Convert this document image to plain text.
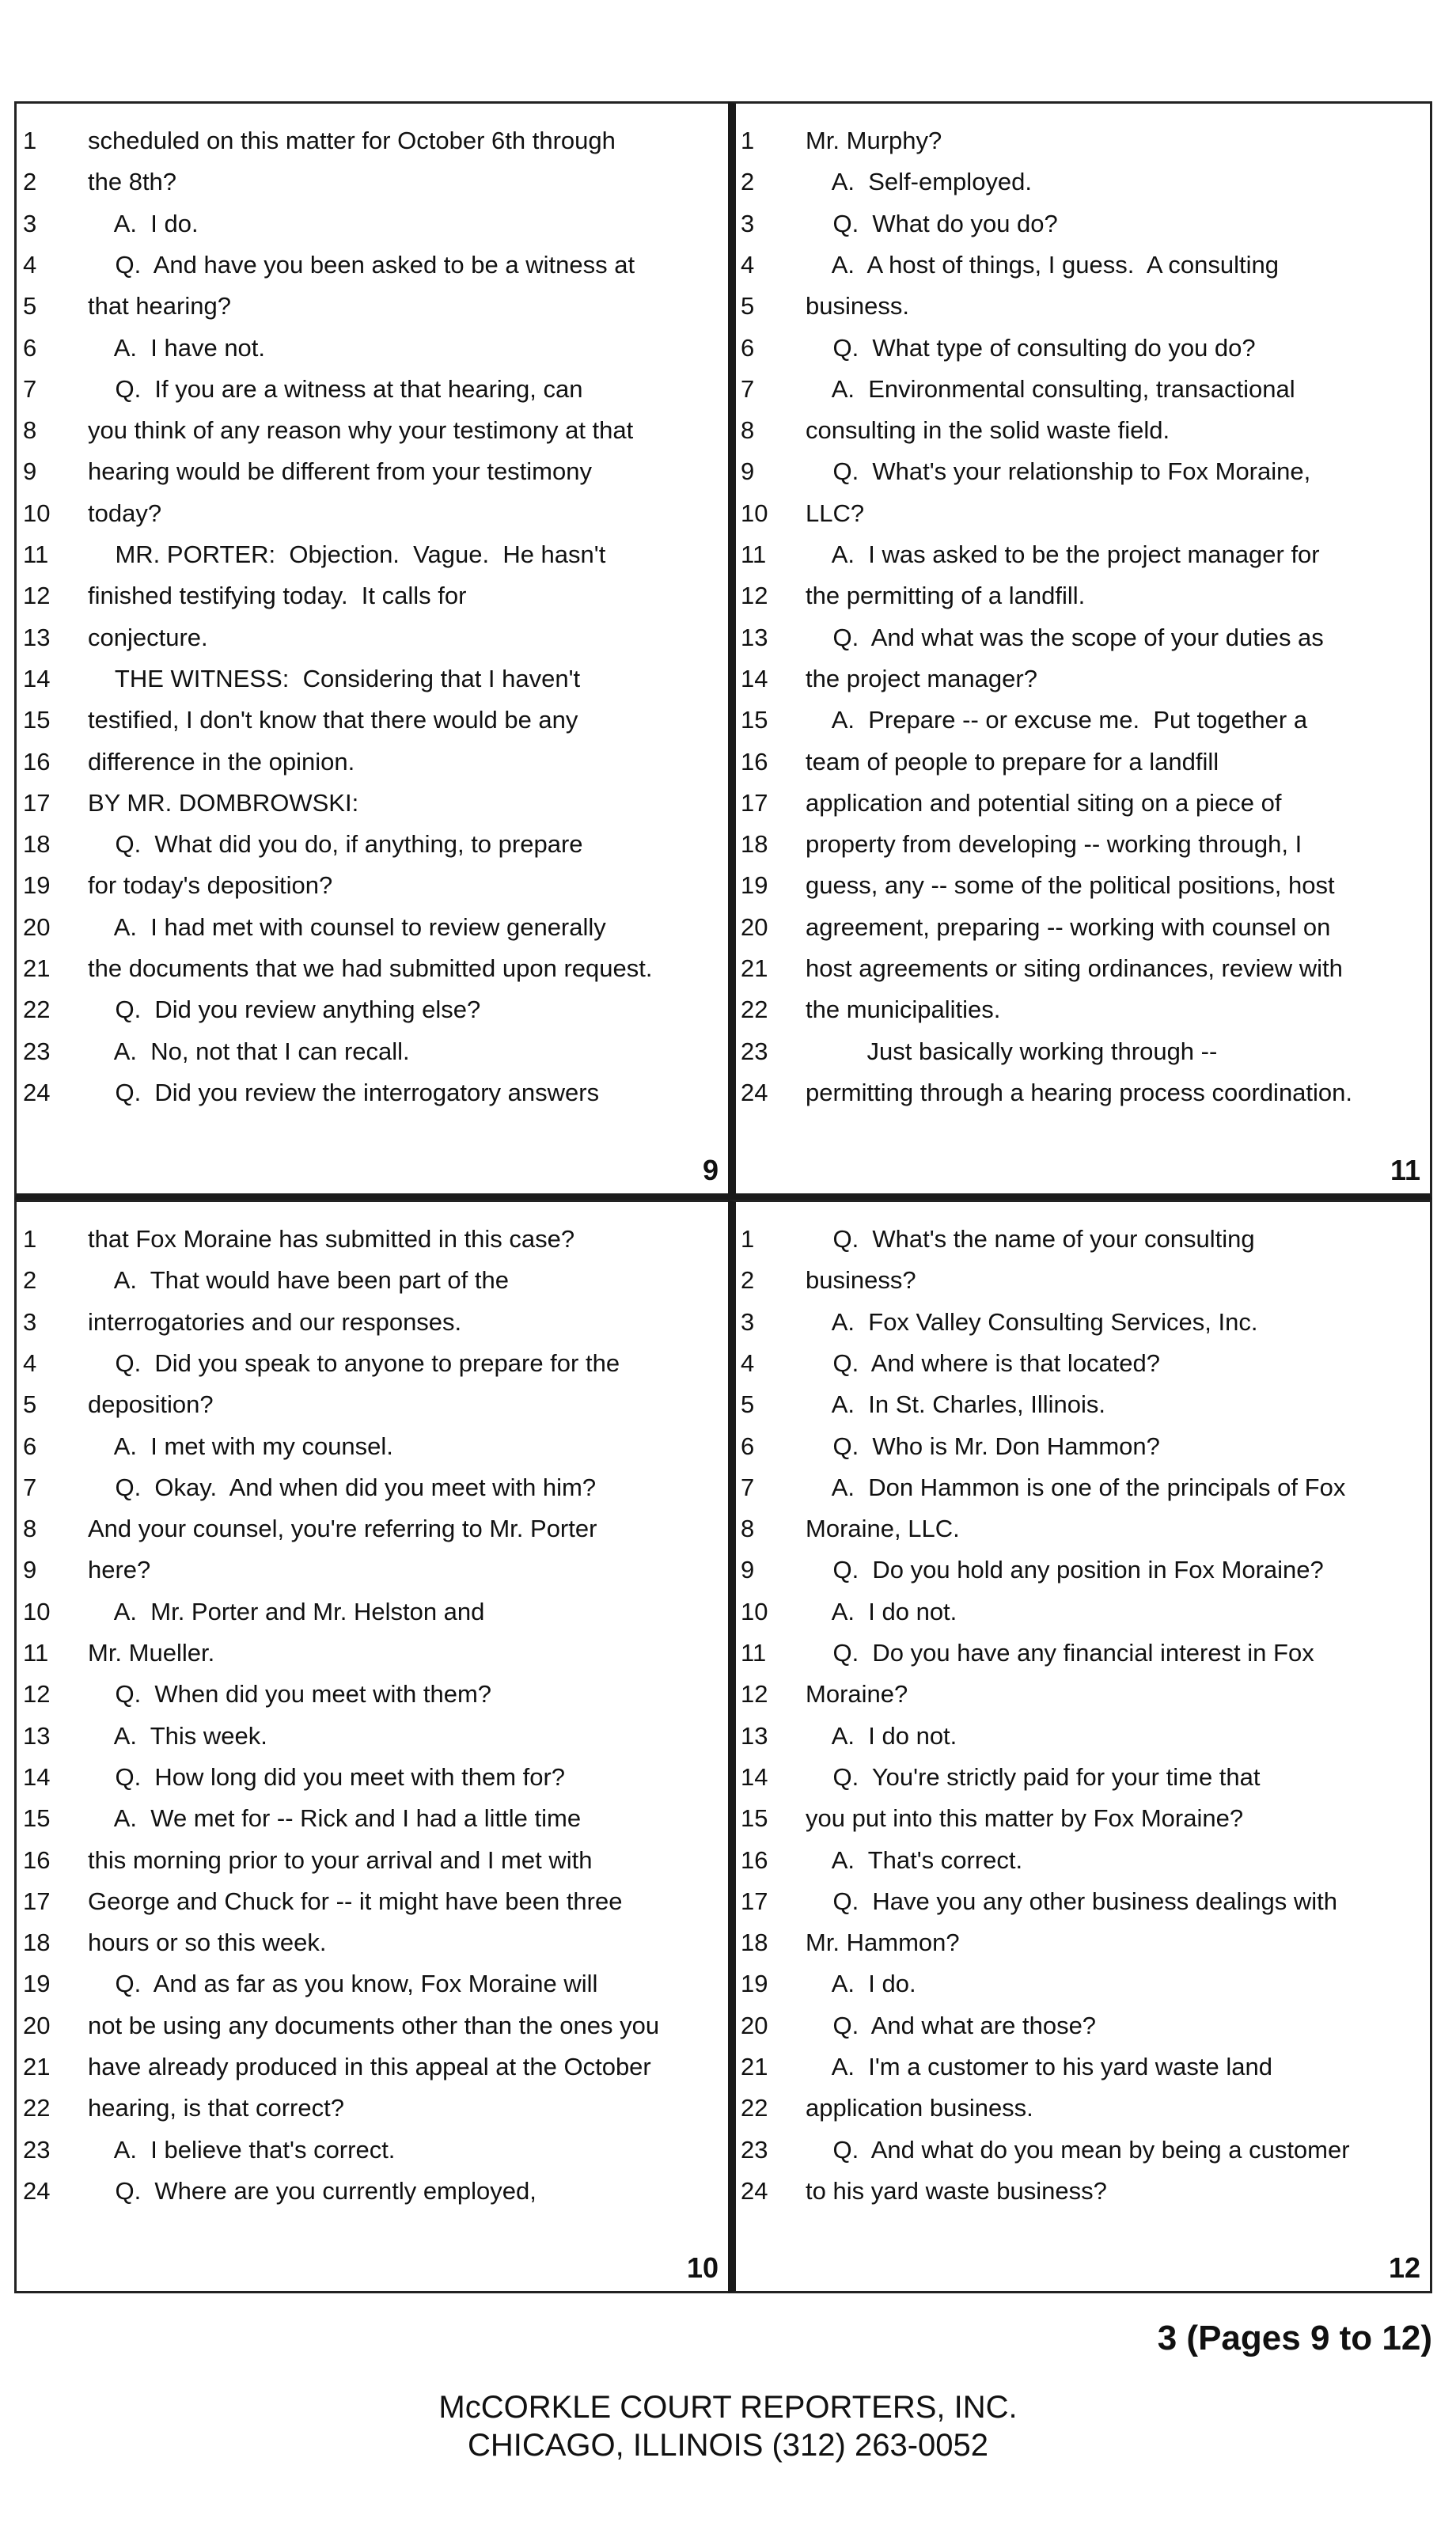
1	scheduled on this matter for October 6th through
2	the 8th?
3	A.  I do.
4	Q.  And have you been asked to be a witness at
5	that hearing?
6	A.  I have not.
7	Q.  If you are a witness at that hearing, can
8	you think of any reason why your testimony at that
9	hearing would be different from your testimony
10	today?
11	MR. PORTER:  Objection.  Vague.  He hasn't
12	finished testifying today.  It calls for
13	conjecture.
14	THE WITNESS:  Considering that I haven't
15	testified, I don't know that there would be any
16	difference in the opinion.
17	BY MR. DOMBROWSKI:
18	Q.  What did you do, if anything, to prepare
19	for today's deposition?
20	A.  I had met with counsel to review generally
21	the documents that we had submitted upon request.
22	Q.  Did you review anything else?
23	A.  No, not that I can recall.
24	Q.  Did you review the interrogatory answers
9
1	Mr. Murphy?
2	A.  Self-employed.
3	Q.  What do you do?
4	A.  A host of things, I guess.  A consulting
5	business.
6	Q.  What type of consulting do you do?
7	A.  Environmental consulting, transactional
8	consulting in the solid waste field.
9	Q.  What's your relationship to Fox Moraine,
10	LLC?
11	A.  I was asked to be the project manager for
12	the permitting of a landfill.
13	Q.  And what was the scope of your duties as
14	the project manager?
15	A.  Prepare -- or excuse me.  Put together a
16	team of people to prepare for a landfill
17	application and potential siting on a piece of
18	property from developing -- working through, I
19	guess, any -- some of the political positions, host
20	agreement, preparing -- working with counsel on
21	host agreements or siting ordinances, review with
22	the municipalities.
23	Just basically working through --
24	permitting through a hearing process coordination.
11
1	that Fox Moraine has submitted in this case?
2	A.  That would have been part of the
3	interrogatories and our responses.
4	Q.  Did you speak to anyone to prepare for the
5	deposition?
6	A.  I met with my counsel.
7	Q.  Okay.  And when did you meet with him?
8	And your counsel, you're referring to Mr. Porter
9	here?
10	A.  Mr. Porter and Mr. Helston and
11	Mr. Mueller.
12	Q.  When did you meet with them?
13	A.  This week.
14	Q.  How long did you meet with them for?
15	A.  We met for -- Rick and I had a little time
16	this morning prior to your arrival and I met with
17	George and Chuck for -- it might have been three
18	hours or so this week.
19	Q.  And as far as you know, Fox Moraine will
20	not be using any documents other than the ones you
21	have already produced in this appeal at the October
22	hearing, is that correct?
23	A.  I believe that's correct.
24	Q.  Where are you currently employed,
10
1	Q.  What's the name of your consulting
2	business?
3	A.  Fox Valley Consulting Services, Inc.
4	Q.  And where is that located?
5	A.  In St. Charles, Illinois.
6	Q.  Who is Mr. Don Hammon?
7	A.  Don Hammon is one of the principals of Fox
8	Moraine, LLC.
9	Q.  Do you hold any position in Fox Moraine?
10	A.  I do not.
11	Q.  Do you have any financial interest in Fox
12	Moraine?
13	A.  I do not.
14	Q.  You're strictly paid for your time that
15	you put into this matter by Fox Moraine?
16	A.  That's correct.
17	Q.  Have you any other business dealings with
18	Mr. Hammon?
19	A.  I do.
20	Q.  And what are those?
21	A.  I'm a customer to his yard waste land
22	application business.
23	Q.  And what do you mean by being a customer
24	to his yard waste business?
12
3 (Pages 9 to 12)
McCORKLE COURT REPORTERS, INC.
CHICAGO, ILLINOIS (312) 263-0052
